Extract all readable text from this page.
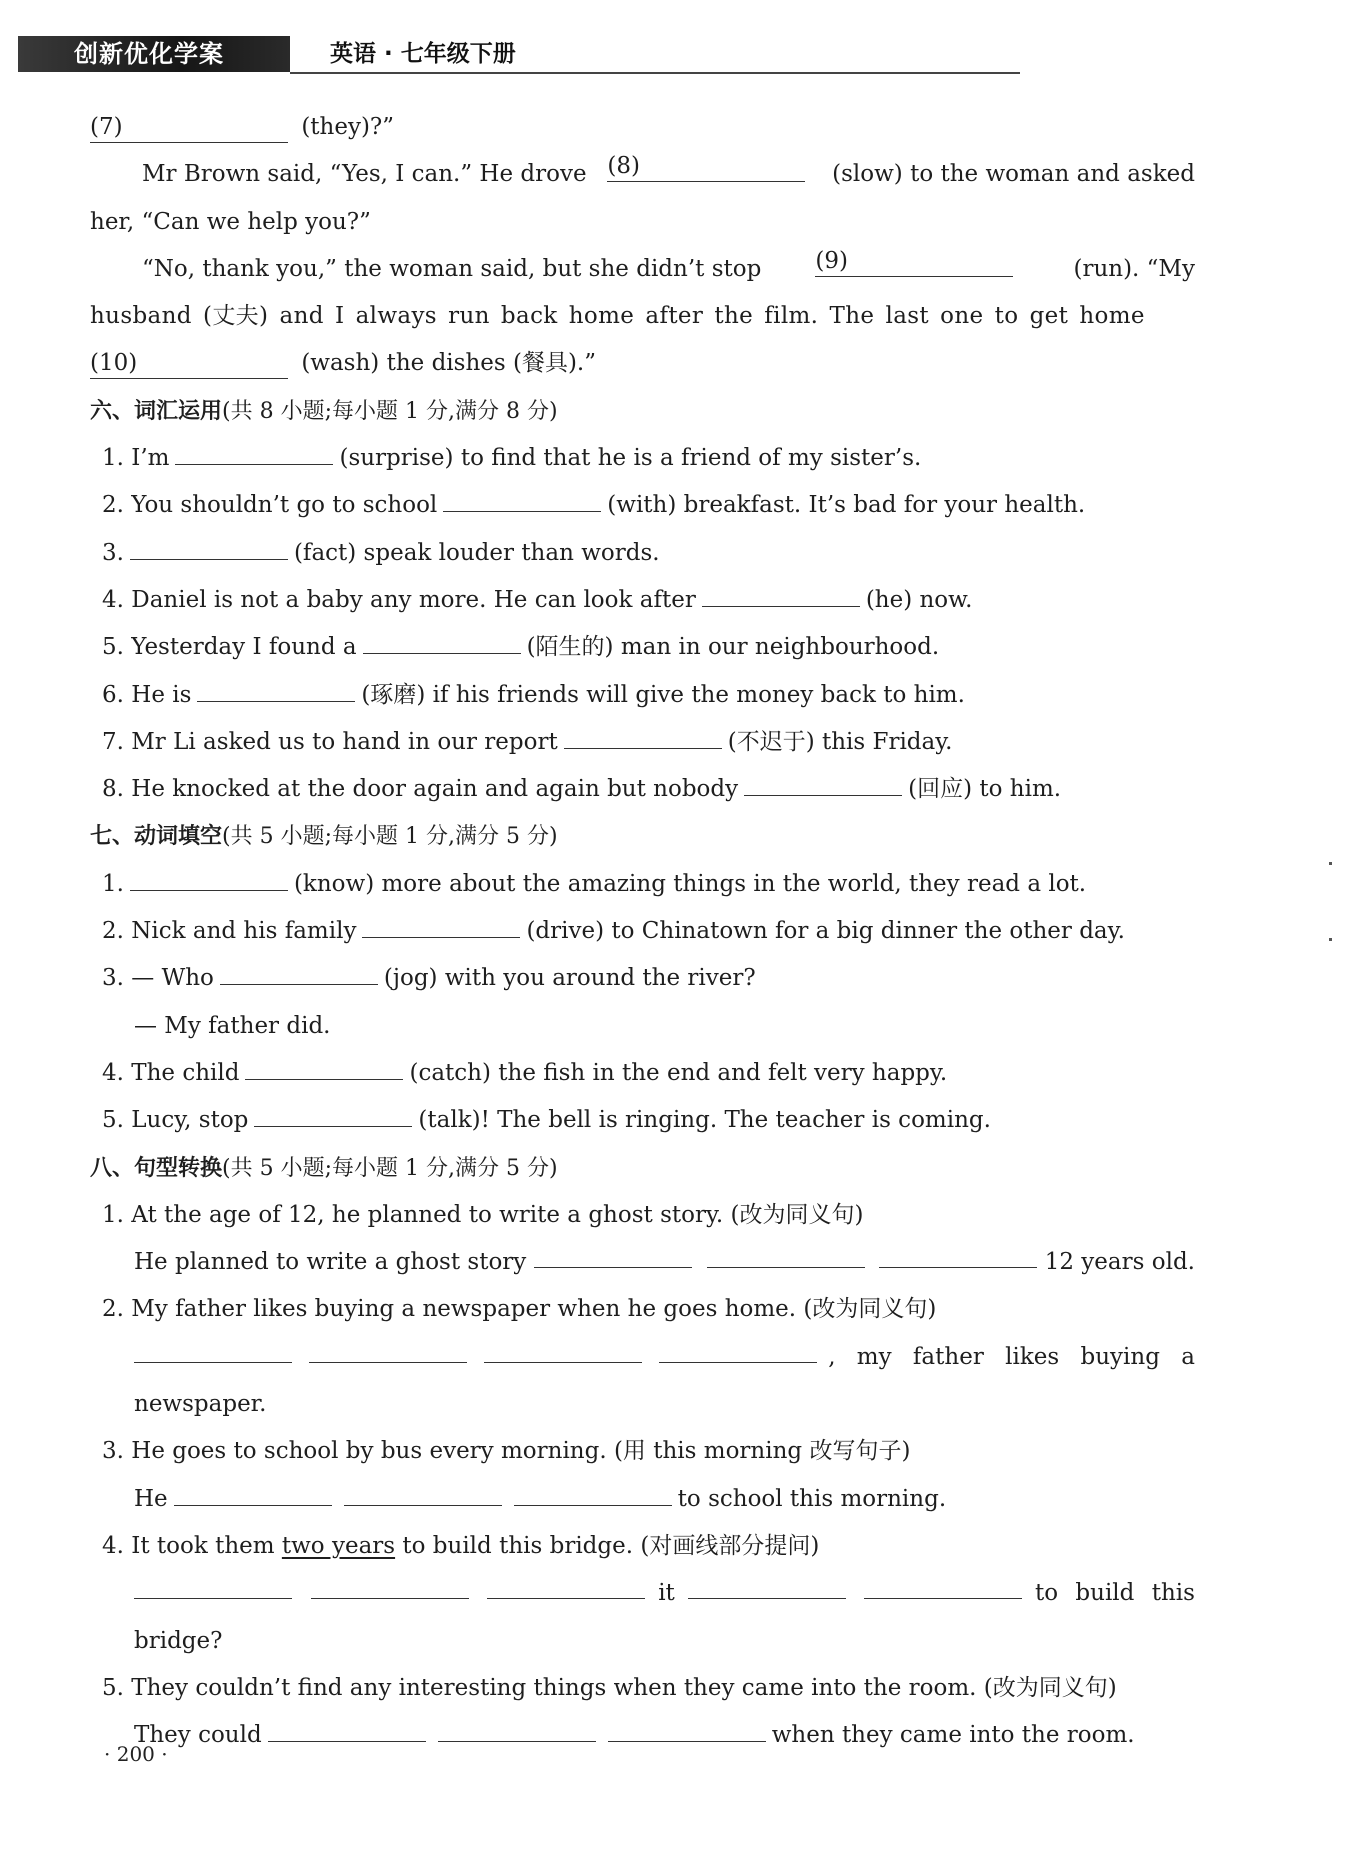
创新优化学案	英语 · 七年级下册
(7)	(they)?”
Mr Brown said, “Yes, I can.” He drove (8)	(slow) to the woman and asked
her, “Can we help you?”
“No, thank you,” the woman said, but she didn’t stop (9)	(run). “My
husband (丈夫) and I always run back home after the film. The last one to get home
(10)	(wash) the dishes (餐具).”
六、词汇运用(共 8 小题;每小题 1 分,满分 8 分)
1. I’m	(surprise) to find that he is a friend of my sister’s.
2. You shouldn’t go to school	(with) breakfast. It’s bad for your health.
3.	(fact) speak louder than words.
4. Daniel is not a baby any more. He can look after	(he) now.
5. Yesterday I found a	(陌生的) man in our neighbourhood.
6. He is	(琢磨) if his friends will give the money back to him.
7. Mr Li asked us to hand in our report	(不迟于) this Friday.
8. He knocked at the door again and again but nobody	(回应) to him.
七、动词填空(共 5 小题;每小题 1 分,满分 5 分)
1.	(know) more about the amazing things in the world, they read a lot.
2. Nick and his family	(drive) to Chinatown for a big dinner the other day.
3. — Who	(jog) with you around the river?
— My father did.
4. The child	(catch) the fish in the end and felt very happy.
5. Lucy, stop	(talk)! The bell is ringing. The teacher is coming.
八、句型转换(共 5 小题;每小题 1 分,满分 5 分)
1. At the age of 12, he planned to write a ghost story. (改为同义句)
He planned to write a ghost story	12 years old.
2. My father likes buying a newspaper when he goes home. (改为同义句)
, my father likes buying a
newspaper.
3. He goes to school by bus every morning. (用 this morning 改写句子)
He	to school this morning.
4. It took them two years to build this bridge. (对画线部分提问)
it	to build this
bridge?
5. They couldn’t find any interesting things when they came into the room. (改为同义句)
They could	when they came into the room.
· 200 ·
